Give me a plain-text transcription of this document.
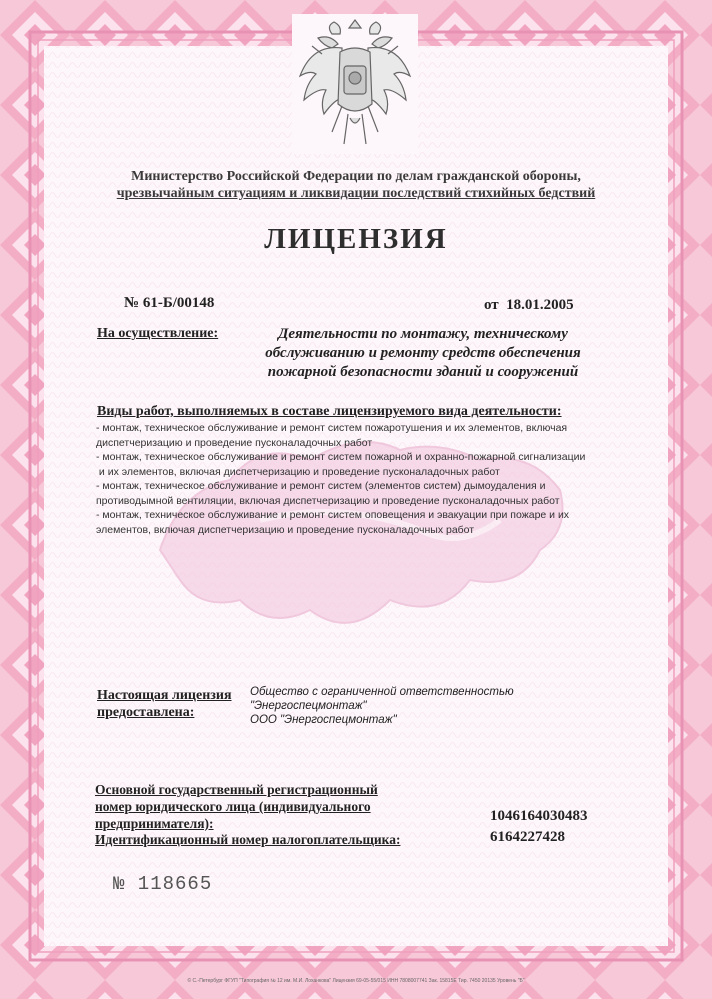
Министерство Российской Федерации по делам гражданской обороны,
чрезвычайным ситуациям и ликвидации последствий стихийных бедствий
ЛИЦЕНЗИЯ
№ 61-Б/00148	от 18.01.2005
На осуществление:	Деятельности по монтажу, техническому
обслуживанию и ремонту средств обеспечения
пожарной безопасности зданий и сооружений
Виды работ, выполняемых в составе лицензируемого вида деятельности:
- монтаж, техническое обслуживание и ремонт систем пожаротушения и их элементов, включая
диспетчеризацию и проведение пусконаладочных работ
- монтаж, техническое обслуживание и ремонт систем пожарной и охранно-пожарной сигнализации
и их элементов, включая диспетчеризацию и проведение пусконаладочных работ
- монтаж, техническое обслуживание и ремонт систем (элементов систем) дымоудаления и
противодымной вентиляции, включая диспетчеризацию и проведение пусконаладочных работ
- монтаж, техническое обслуживание и ремонт систем оповещения и эвакуации при пожаре и их
элементов, включая диспетчеризацию и проведение пусконаладочных работ
Настоящая лицензия
предоставлена:
Общество с ограниченной ответственностью
"Энергоспецмонтаж"
ООО "Энергоспецмонтаж"
Основной государственный регистрационный
номер юридического лица (индивидуального
предпринимателя):
Идентификационный номер налогоплательщика:
1046164030483
6164227428
№ 118665
© С.-Петербург ФГУП "Типография № 12 им. М.И. Лоханкова" Лицензия 69-05-55/015 ИНН 7808007741 Зак. 15815Е Тир. 7450 20135 Уровень "Б"
